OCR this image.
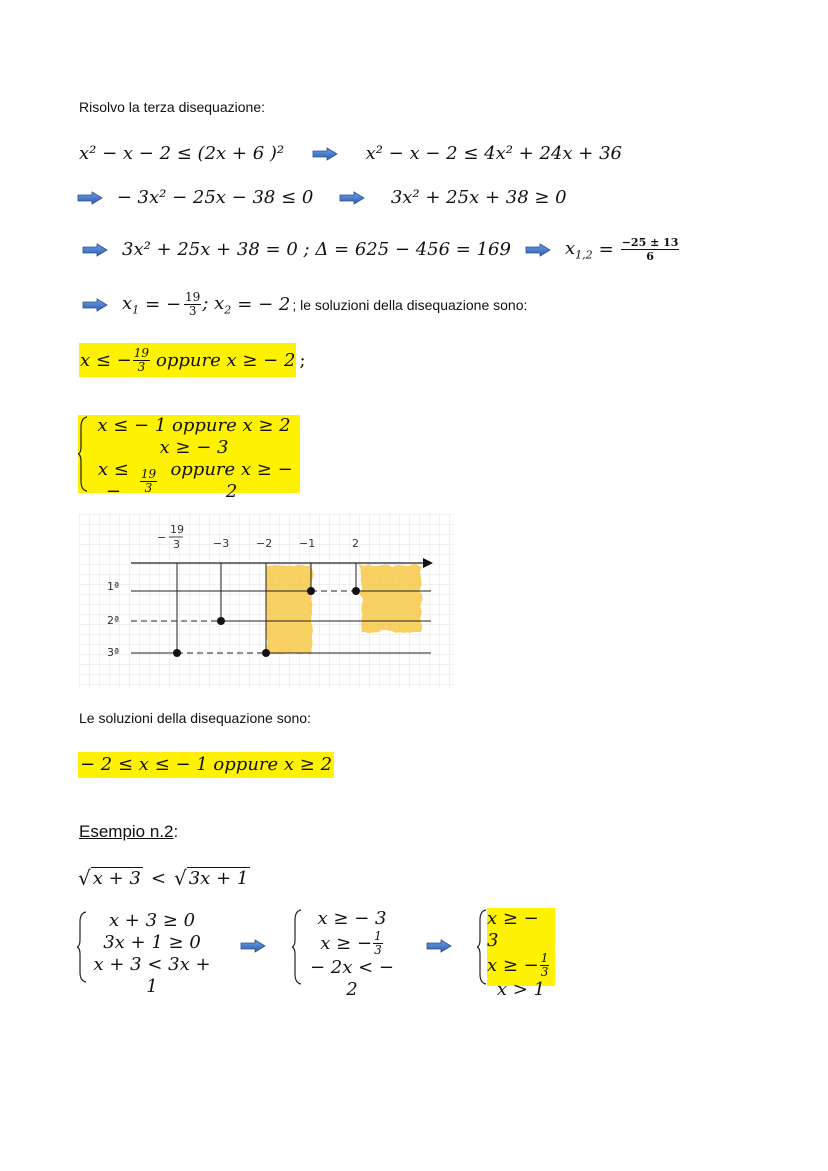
Risolvo la terza disequazione:
x² − x − 2 ≤ (2x + 6 )²	x² − x − 2 ≤ 4x² + 24x + 36
− 3x² − 25x − 38 ≤ 0	3x² + 25x + 38 ≥ 0
3x² + 25x + 38 = 0 ; Δ = 625 − 456 = 169	$x_{1,2} = \frac{-25 \pm 13}{6}$
$x_1$ = − $\frac{19}{3}$ ; $x_2$ = − 2 ; le soluzioni della disequazione sono:
x ≤ − $\frac{19}{3}$ oppure x ≥ − 2 ;
x ≤ − 1 oppure x ≥ 2
x ≥ − 3
x ≤ −	$\frac{19}{3}$ oppure x ≥ − 2
−
19
3	−3 −2 −1	2
1ª
2ª
3ª
Le soluzioni della disequazione sono:
− 2 ≤ x ≤ − 1 oppure x ≥ 2
Esempio n.2:
√ x + 3 < √ 3x + 1
x + 3 ≥ 0
3x + 1 ≥ 0
x + 3 < 3x + 1
x ≥ − 3
x ≥ − $\frac{1}{3}$
− 2x < − 2
x ≥ − 3
x ≥ − $\frac{1}{3}$
x > 1
